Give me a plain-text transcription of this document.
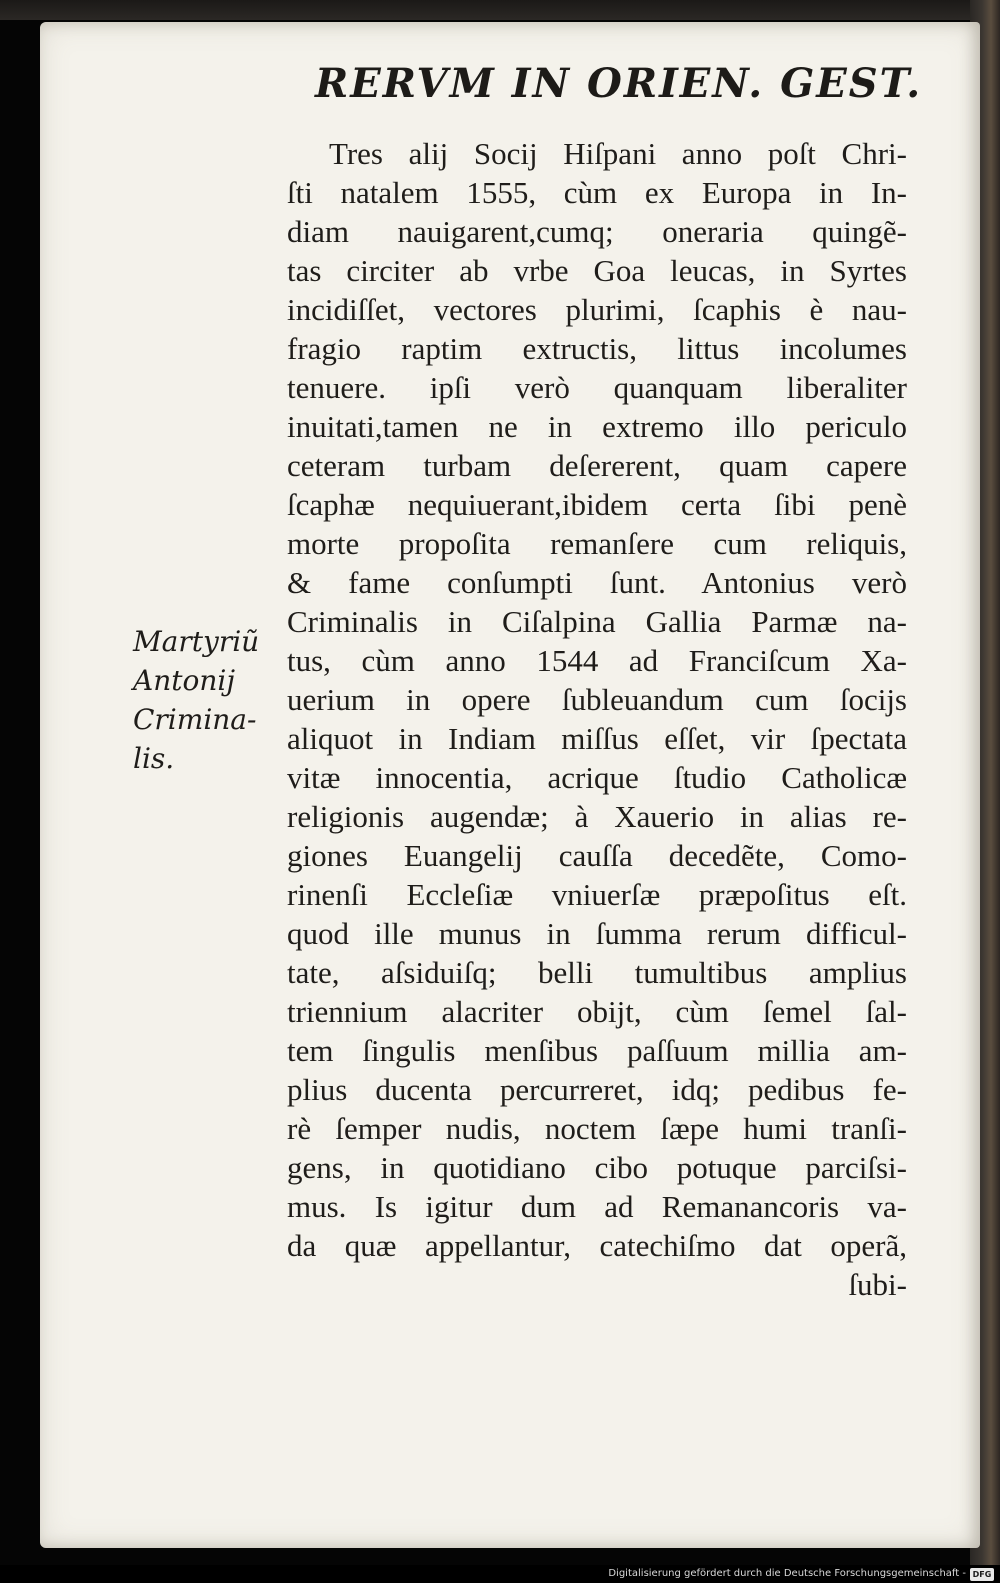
RERVM IN ORIEN. GEST.
Martyriũ
Antonij
Crimina-
lis.
Tres alij Socij Hiſpani anno poſt Chri-
ſti natalem 1555, cùm ex Europa in In-
diam nauigarent,cumq; oneraria quingẽ-
tas circiter ab vrbe Goa leucas, in Syrtes
incidiſſet, vectores plurimi, ſcaphis è nau-
fragio raptim extructis, littus incolumes
tenuere. ipſi verò quanquam liberaliter
inuitati,tamen ne in extremo illo periculo
ceteram turbam deſererent, quam capere
ſcaphæ nequiuerant,ibidem certa ſibi penè
morte propoſita remanſere cum reliquis,
& fame conſumpti ſunt. Antonius verò
Criminalis in Ciſalpina Gallia Parmæ na-
tus, cùm anno 1544 ad Franciſcum Xa-
uerium in opere ſubleuandum cum ſocijs
aliquot in Indiam miſſus eſſet, vir ſpectata
vitæ innocentia, acrique ſtudio Catholicæ
religionis augendæ; à Xauerio in alias re-
giones Euangelij cauſſa decedẽte, Como-
rinenſi Eccleſiæ vniuerſæ præpoſitus eſt.
quod ille munus in ſumma rerum difficul-
tate, aſsiduiſq; belli tumultibus amplius
triennium alacriter obijt, cùm ſemel ſal-
tem ſingulis menſibus paſſuum millia am-
plius ducenta percurreret, idq; pedibus fe-
rè ſemper nudis, noctem ſæpe humi tranſi-
gens, in quotidiano cibo potuque parciſsi-
mus. Is igitur dum ad Remanancoris va-
da quæ appellantur, catechiſmo dat operã,
ſubi-
Digitalisierung gefördert durch die Deutsche Forschungsgemeinschaft - DFG
